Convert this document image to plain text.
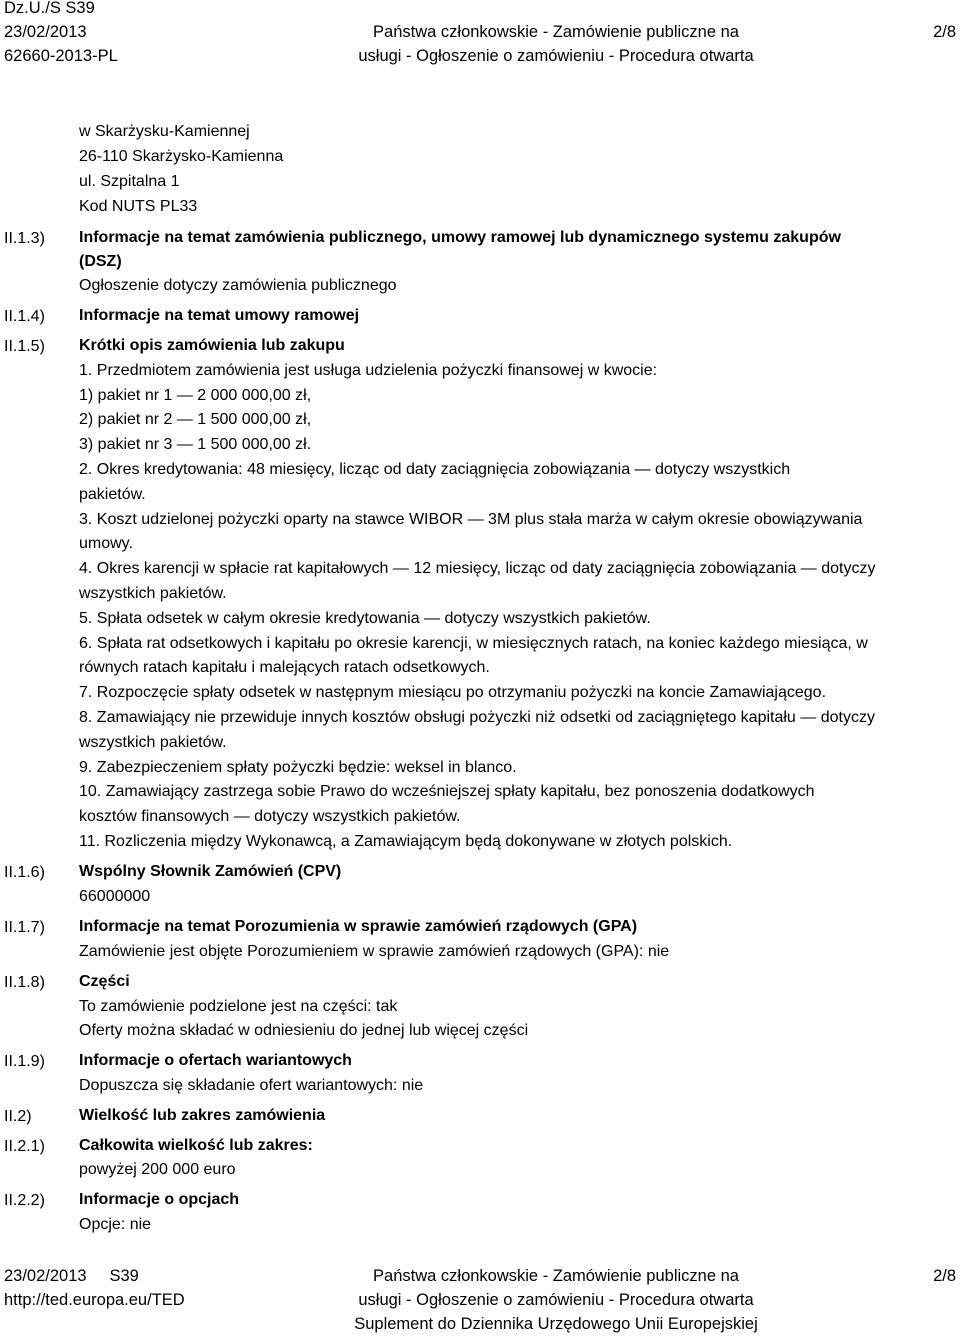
Dz.U./S S39
23/02/2013
62660-2013-PL
Państwa członkowskie - Zamówienie publiczne na
usługi - Ogłoszenie o zamówieniu - Procedura otwarta
2/8
w Skarżysku-Kamiennej
26-110 Skarżysko-Kamienna
ul. Szpitalna 1
Kod NUTS PL33
II.1.3) Informacje na temat zamówienia publicznego, umowy ramowej lub dynamicznego systemu zakupów
(DSZ)
Ogłoszenie dotyczy zamówienia publicznego
II.1.4) Informacje na temat umowy ramowej
II.1.5) Krótki opis zamówienia lub zakupu
1. Przedmiotem zamówienia jest usługa udzielenia pożyczki finansowej w kwocie:
1) pakiet nr 1 — 2 000 000,00 zł,
2) pakiet nr 2 — 1 500 000,00 zł,
3) pakiet nr 3 — 1 500 000,00 zł.
2. Okres kredytowania: 48 miesięcy, licząc od daty zaciągnięcia zobowiązania — dotyczy wszystkich
pakietów.
3. Koszt udzielonej pożyczki oparty na stawce WIBOR — 3M plus stała marża w całym okresie obowiązywania
umowy.
4. Okres karencji w spłacie rat kapitałowych — 12 miesięcy, licząc od daty zaciągnięcia zobowiązania — dotyczy
wszystkich pakietów.
5. Spłata odsetek w całym okresie kredytowania — dotyczy wszystkich pakietów.
6. Spłata rat odsetkowych i kapitału po okresie karencji, w miesięcznych ratach, na koniec każdego miesiąca, w
równych ratach kapitału i malejących ratach odsetkowych.
7. Rozpoczęcie spłaty odsetek w następnym miesiącu po otrzymaniu pożyczki na koncie Zamawiającego.
8. Zamawiający nie przewiduje innych kosztów obsługi pożyczki niż odsetki od zaciągniętego kapitału — dotyczy
wszystkich pakietów.
9. Zabezpieczeniem spłaty pożyczki będzie: weksel in blanco.
10. Zamawiający zastrzega sobie Prawo do wcześniejszej spłaty kapitału, bez ponoszenia dodatkowych
kosztów finansowych — dotyczy wszystkich pakietów.
11. Rozliczenia między Wykonawcą, a Zamawiającym będą dokonywane w złotych polskich.
II.1.6) Wspólny Słownik Zamówień (CPV)
66000000
II.1.7) Informacje na temat Porozumienia w sprawie zamówień rządowych (GPA)
Zamówienie jest objęte Porozumieniem w sprawie zamówień rządowych (GPA): nie
II.1.8) Części
To zamówienie podzielone jest na części: tak
Oferty można składać w odniesieniu do jednej lub więcej części
II.1.9) Informacje o ofertach wariantowych
Dopuszcza się składanie ofert wariantowych: nie
II.2)	Wielkość lub zakres zamówienia
II.2.1) Całkowita wielkość lub zakres:
powyżej 200 000 euro
II.2.2) Informacje o opcjach
Opcje: nie
23/02/2013     S39
http://ted.europa.eu/TED
Państwa członkowskie - Zamówienie publiczne na
usługi - Ogłoszenie o zamówieniu - Procedura otwarta
Suplement do Dziennika Urzędowego Unii Europejskiej
2/8
